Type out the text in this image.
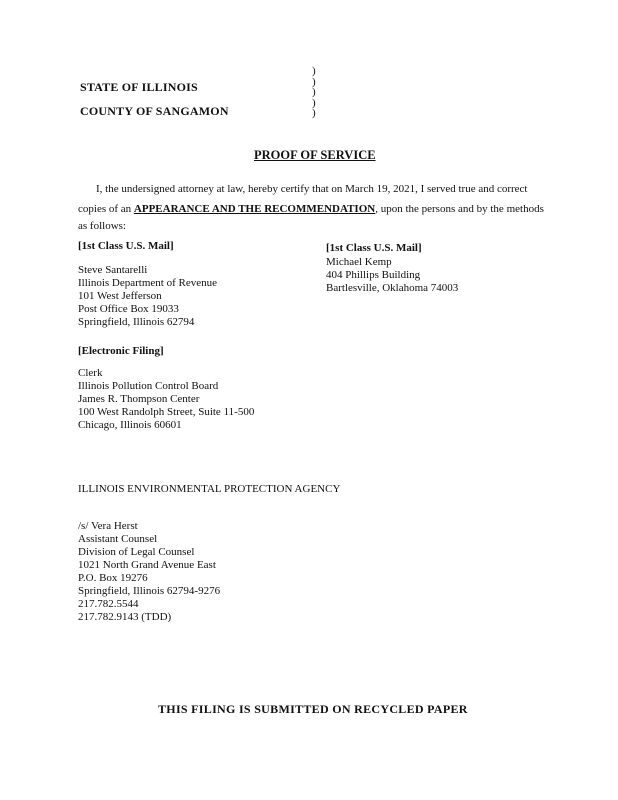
STATE OF ILLINOIS
COUNTY OF SANGAMON
)
)
)
)
)
PROOF OF SERVICE
I, the undersigned attorney at law, hereby certify that on March 19, 2021, I served true and correct
copies of an APPEARANCE AND THE RECOMMENDATION, upon the persons and by the methods
as follows:
[1st Class U.S. Mail]
Steve Santarelli
Illinois Department of Revenue
101 West Jefferson
Post Office Box 19033
Springfield, Illinois 62794
[1st Class U.S. Mail]
Michael Kemp
404 Phillips Building
Bartlesville, Oklahoma 74003
[Electronic Filing]
Clerk
Illinois Pollution Control Board
James R. Thompson Center
100 West Randolph Street, Suite 11-500
Chicago, Illinois 60601
ILLINOIS ENVIRONMENTAL PROTECTION AGENCY
/s/ Vera Herst
Assistant Counsel
Division of Legal Counsel
1021 North Grand Avenue East
P.O. Box 19276
Springfield, Illinois 62794-9276
217.782.5544
217.782.9143 (TDD)
THIS FILING IS SUBMITTED ON RECYCLED PAPER
